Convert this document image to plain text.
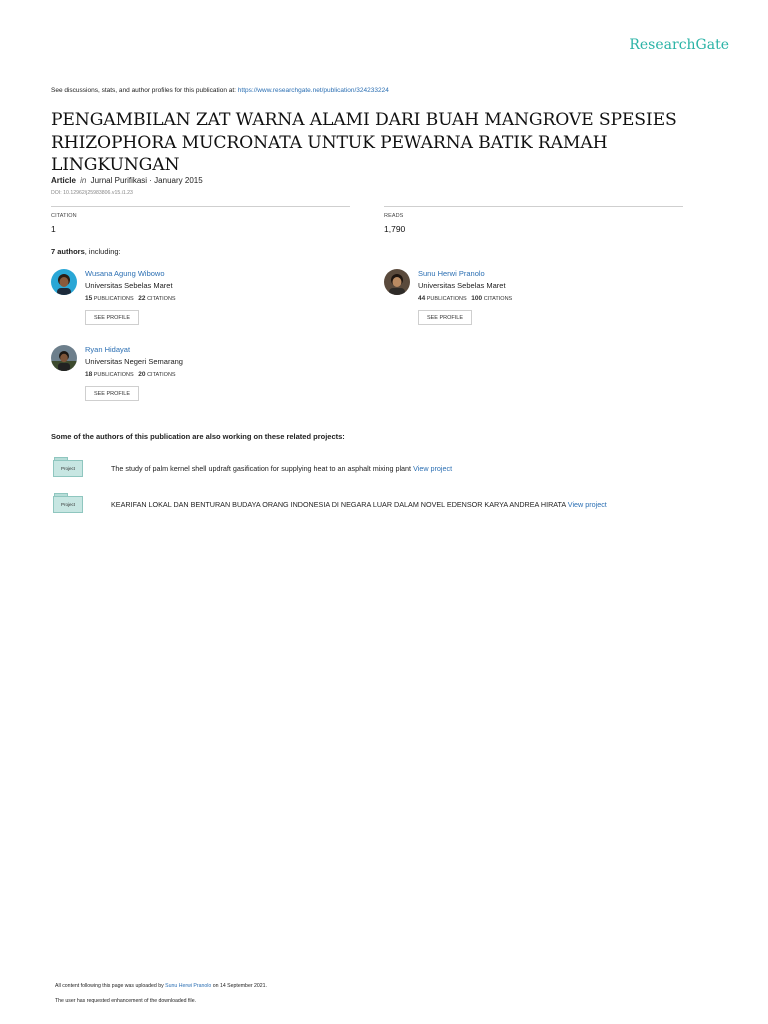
ResearchGate
See discussions, stats, and author profiles for this publication at: https://www.researchgate.net/publication/324233224
PENGAMBILAN ZAT WARNA ALAMI DARI BUAH MANGROVE SPESIES RHIZOPHORA MUCRONATA UNTUK PEWARNA BATIK RAMAH LINGKUNGAN
Article in Jurnal Purifikasi · January 2015
DOI: 10.12962/j25983806.v15.i1.23
CITATION
1
READS
1,790
7 authors, including:
Wusana Agung Wibowo
Universitas Sebelas Maret
15 PUBLICATIONS 22 CITATIONS
SEE PROFILE
Sunu Herwi Pranolo
Universitas Sebelas Maret
44 PUBLICATIONS 100 CITATIONS
SEE PROFILE
Ryan Hidayat
Universitas Negeri Semarang
18 PUBLICATIONS 20 CITATIONS
SEE PROFILE
Some of the authors of this publication are also working on these related projects:
Project	The study of palm kernel shell updraft gasification for supplying heat to an asphalt mixing plant View project
Project	KEARIFAN LOKAL DAN BENTURAN BUDAYA ORANG INDONESIA DI NEGARA LUAR DALAM NOVEL EDENSOR KARYA ANDREA HIRATA View project
All content following this page was uploaded by Sunu Herwi Pranolo on 14 September 2021.
The user has requested enhancement of the downloaded file.
